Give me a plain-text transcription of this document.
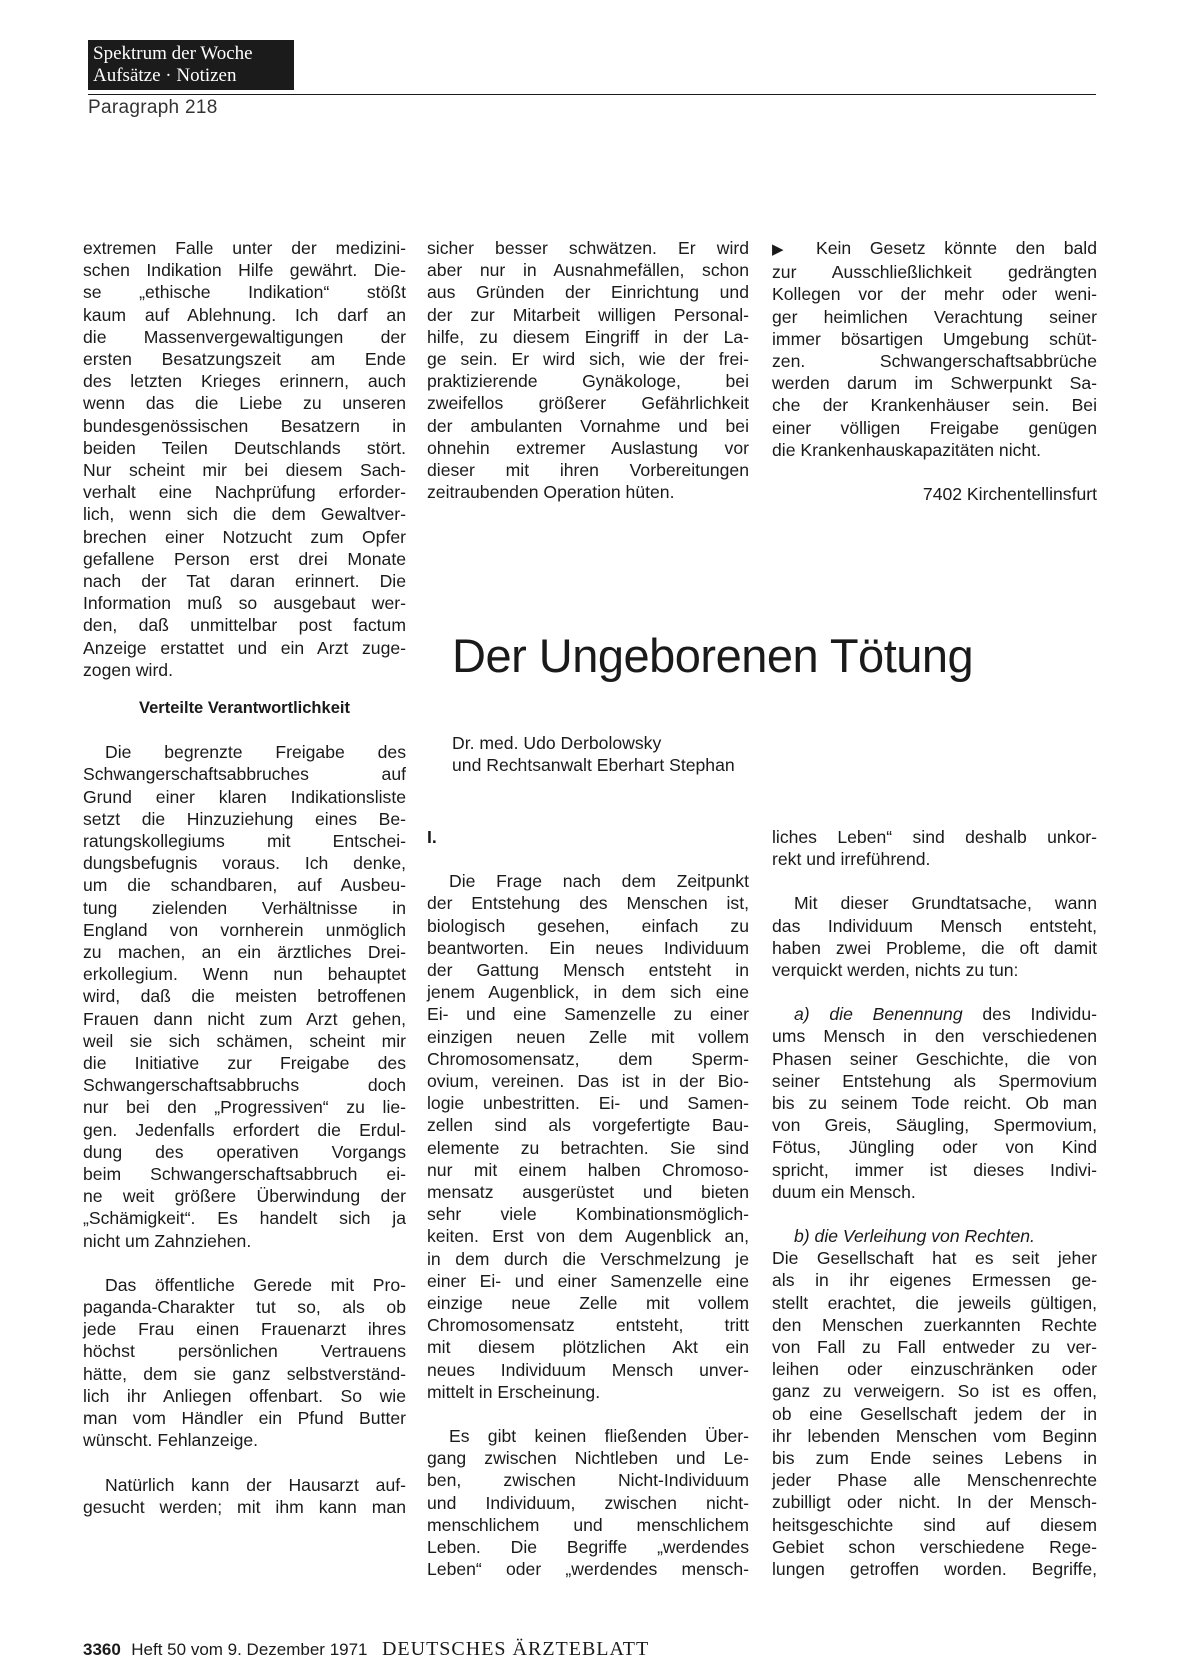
Spektrum der Woche
Aufsätze · Notizen
Paragraph 218
extremen Falle unter der medizini-
schen Indikation Hilfe gewährt. Die-
se „ethische Indikation“ stößt
kaum auf Ablehnung. Ich darf an
die Massenvergewaltigungen der
ersten Besatzungszeit am Ende
des letzten Krieges erinnern, auch
wenn das die Liebe zu unseren
bundesgenössischen Besatzern in
beiden Teilen Deutschlands stört.
Nur scheint mir bei diesem Sach-
verhalt eine Nachprüfung erforder-
lich, wenn sich die dem Gewaltver-
brechen einer Notzucht zum Opfer
gefallene Person erst drei Monate
nach der Tat daran erinnert. Die
Information muß so ausgebaut wer-
den, daß unmittelbar post factum
Anzeige erstattet und ein Arzt zuge-
zogen wird.
Verteilte Verantwortlichkeit
Die begrenzte Freigabe des
Schwangerschaftsabbruches auf
Grund einer klaren Indikationsliste
setzt die Hinzuziehung eines Be-
ratungskollegiums mit Entschei-
dungsbefugnis voraus. Ich denke,
um die schandbaren, auf Ausbeu-
tung zielenden Verhältnisse in
England von vornherein unmöglich
zu machen, an ein ärztliches Drei-
erkollegium. Wenn nun behauptet
wird, daß die meisten betroffenen
Frauen dann nicht zum Arzt gehen,
weil sie sich schämen, scheint mir
die Initiative zur Freigabe des
Schwangerschaftsabbruchs doch
nur bei den „Progressiven“ zu lie-
gen. Jedenfalls erfordert die Erdul-
dung des operativen Vorgangs
beim Schwangerschaftsabbruch ei-
ne weit größere Überwindung der
„Schämigkeit“. Es handelt sich ja
nicht um Zahnziehen.
Das öffentliche Gerede mit Pro-
paganda-Charakter tut so, als ob
jede Frau einen Frauenarzt ihres
höchst persönlichen Vertrauens
hätte, dem sie ganz selbstverständ-
lich ihr Anliegen offenbart. So wie
man vom Händler ein Pfund Butter
wünscht. Fehlanzeige.
Natürlich kann der Hausarzt auf-
gesucht werden; mit ihm kann man
sicher besser schwätzen. Er wird
aber nur in Ausnahmefällen, schon
aus Gründen der Einrichtung und
der zur Mitarbeit willigen Personal-
hilfe, zu diesem Eingriff in der La-
ge sein. Er wird sich, wie der frei-
praktizierende Gynäkologe, bei
zweifellos größerer Gefährlichkeit
der ambulanten Vornahme und bei
ohnehin extremer Auslastung vor
dieser mit ihren Vorbereitungen
zeitraubenden Operation hüten.
▶ Kein Gesetz könnte den bald
zur Ausschließlichkeit gedrängten
Kollegen vor der mehr oder weni-
ger heimlichen Verachtung seiner
immer bösartigen Umgebung schüt-
zen. Schwangerschaftsabbrüche
werden darum im Schwerpunkt Sa-
che der Krankenhäuser sein. Bei
einer völligen Freigabe genügen
die Krankenhauskapazitäten nicht.
7402 Kirchentellinsfurt
Der Ungeborenen Tötung
Dr. med. Udo Derbolowsky
und Rechtsanwalt Eberhart Stephan
I.
Die Frage nach dem Zeitpunkt
der Entstehung des Menschen ist,
biologisch gesehen, einfach zu
beantworten. Ein neues Individuum
der Gattung Mensch entsteht in
jenem Augenblick, in dem sich eine
Ei- und eine Samenzelle zu einer
einzigen neuen Zelle mit vollem
Chromosomensatz, dem Sperm-
ovium, vereinen. Das ist in der Bio-
logie unbestritten. Ei- und Samen-
zellen sind als vorgefertigte Bau-
elemente zu betrachten. Sie sind
nur mit einem halben Chromoso-
mensatz ausgerüstet und bieten
sehr viele Kombinationsmöglich-
keiten. Erst von dem Augenblick an,
in dem durch die Verschmelzung je
einer Ei- und einer Samenzelle eine
einzige neue Zelle mit vollem
Chromosomensatz entsteht, tritt
mit diesem plötzlichen Akt ein
neues Individuum Mensch unver-
mittelt in Erscheinung.
Es gibt keinen fließenden Über-
gang zwischen Nichtleben und Le-
ben, zwischen Nicht-Individuum
und Individuum, zwischen nicht-
menschlichem und menschlichem
Leben. Die Begriffe „werdendes
Leben“ oder „werdendes mensch-
liches Leben“ sind deshalb unkor-
rekt und irreführend.
Mit dieser Grundtatsache, wann
das Individuum Mensch entsteht,
haben zwei Probleme, die oft damit
verquickt werden, nichts zu tun:
a) die Benennung des Individu-
ums Mensch in den verschiedenen
Phasen seiner Geschichte, die von
seiner Entstehung als Spermovium
bis zu seinem Tode reicht. Ob man
von Greis, Säugling, Spermovium,
Fötus, Jüngling oder von Kind
spricht, immer ist dieses Indivi-
duum ein Mensch.
b) die Verleihung von Rechten.
Die Gesellschaft hat es seit jeher
als in ihr eigenes Ermessen ge-
stellt erachtet, die jeweils gültigen,
den Menschen zuerkannten Rechte
von Fall zu Fall entweder zu ver-
leihen oder einzuschränken oder
ganz zu verweigern. So ist es offen,
ob eine Gesellschaft jedem der in
ihr lebenden Menschen vom Beginn
bis zum Ende seines Lebens in
jeder Phase alle Menschenrechte
zubilligt oder nicht. In der Mensch-
heitsgeschichte sind auf diesem
Gebiet schon verschiedene Rege-
lungen getroffen worden. Begriffe,
3360 Heft 50 vom 9. Dezember 1971 DEUTSCHES ÄRZTEBLATT
